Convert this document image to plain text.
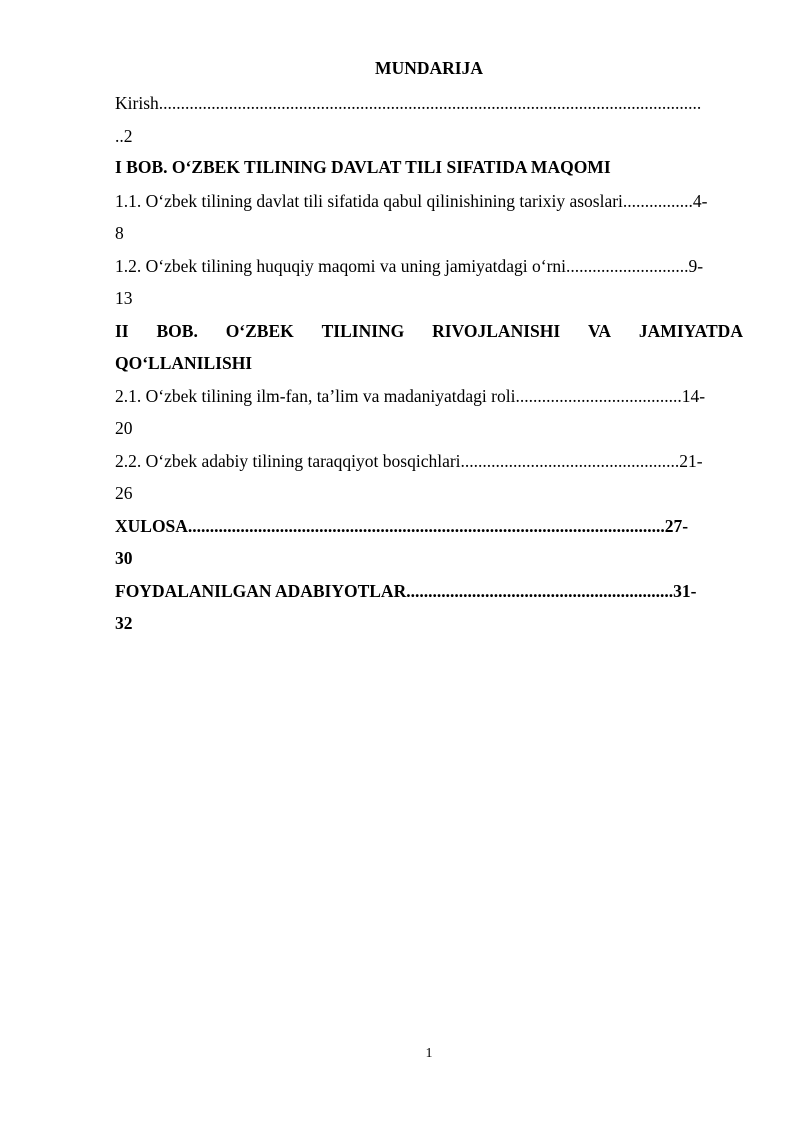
MUNDARIJA
Kirish............................................................................................................................
..2
I BOB. O‘ZBEK TILINING DAVLAT TILI SIFATIDA MAQOMI
1.1. O‘zbek tilining davlat tili sifatida qabul qilinishining tarixiy asoslari................4-
8
1.2. O‘zbek tilining huquqiy maqomi va uning jamiyatdagi o‘rni............................9-
13
II BOB. O‘ZBEK TILINING RIVOJLANISHI VA JAMIYATDA
QO‘LLANILISHI
2.1. O‘zbek tilining ilm-fan, ta’lim va madaniyatdagi roli......................................14-
20
2.2. O‘zbek adabiy tilining taraqqiyot bosqichlari..................................................21-
26
XULOSA.............................................................................................................27-
30
FOYDALANILGAN ADABIYOTLAR.............................................................31-
32
1
